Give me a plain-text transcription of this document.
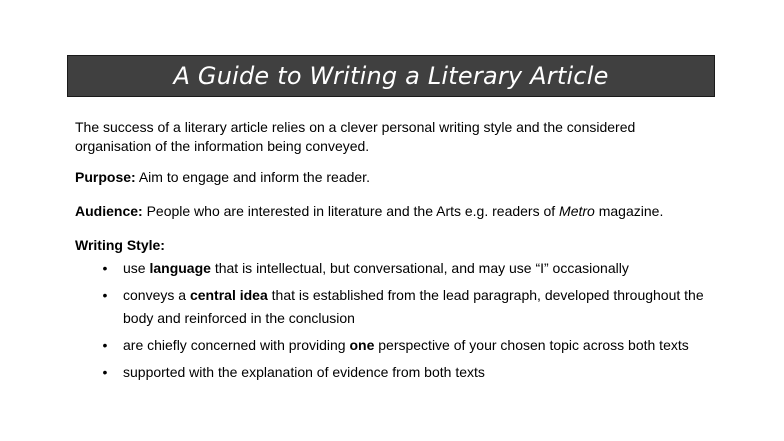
A Guide to Writing a Literary Article

The success of a literary article relies on a clever personal writing style and the considered organisation of the information being conveyed.

Purpose: Aim to engage and inform the reader.

Audience: People who are interested in literature and the Arts e.g. readers of Metro magazine.

Writing Style:

• use language that is intellectual, but conversational, and may use “I” occasionally
• conveys a central idea that is established from the lead paragraph, developed throughout the body and reinforced in the conclusion
• are chiefly concerned with providing one perspective of your chosen topic across both texts
• supported with the explanation of evidence from both texts
